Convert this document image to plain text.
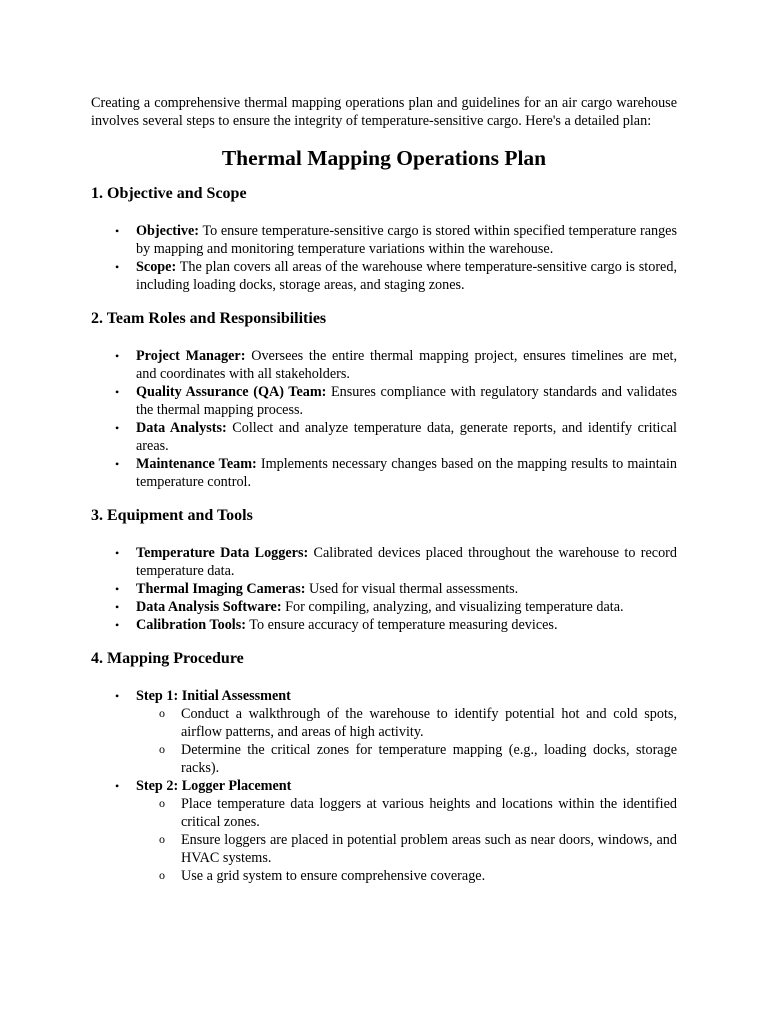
Creating a comprehensive thermal mapping operations plan and guidelines for an air cargo warehouse involves several steps to ensure the integrity of temperature-sensitive cargo. Here's a detailed plan:

Thermal Mapping Operations Plan
1. Objective and Scope
• Objective: To ensure temperature-sensitive cargo is stored within specified temperature ranges by mapping and monitoring temperature variations within the warehouse.
• Scope: The plan covers all areas of the warehouse where temperature-sensitive cargo is stored, including loading docks, storage areas, and staging zones.
2. Team Roles and Responsibilities
• Project Manager: Oversees the entire thermal mapping project, ensures timelines are met, and coordinates with all stakeholders.
• Quality Assurance (QA) Team: Ensures compliance with regulatory standards and validates the thermal mapping process.
• Data Analysts: Collect and analyze temperature data, generate reports, and identify critical areas.
• Maintenance Team: Implements necessary changes based on the mapping results to maintain temperature control.
3. Equipment and Tools
• Temperature Data Loggers: Calibrated devices placed throughout the warehouse to record temperature data.
• Thermal Imaging Cameras: Used for visual thermal assessments.
• Data Analysis Software: For compiling, analyzing, and visualizing temperature data.
• Calibration Tools: To ensure accuracy of temperature measuring devices.
4. Mapping Procedure
• Step 1: Initial Assessment
o Conduct a walkthrough of the warehouse to identify potential hot and cold spots, airflow patterns, and areas of high activity.
o Determine the critical zones for temperature mapping (e.g., loading docks, storage racks).
• Step 2: Logger Placement
o Place temperature data loggers at various heights and locations within the identified critical zones.
o Ensure loggers are placed in potential problem areas such as near doors, windows, and HVAC systems.
o Use a grid system to ensure comprehensive coverage.
